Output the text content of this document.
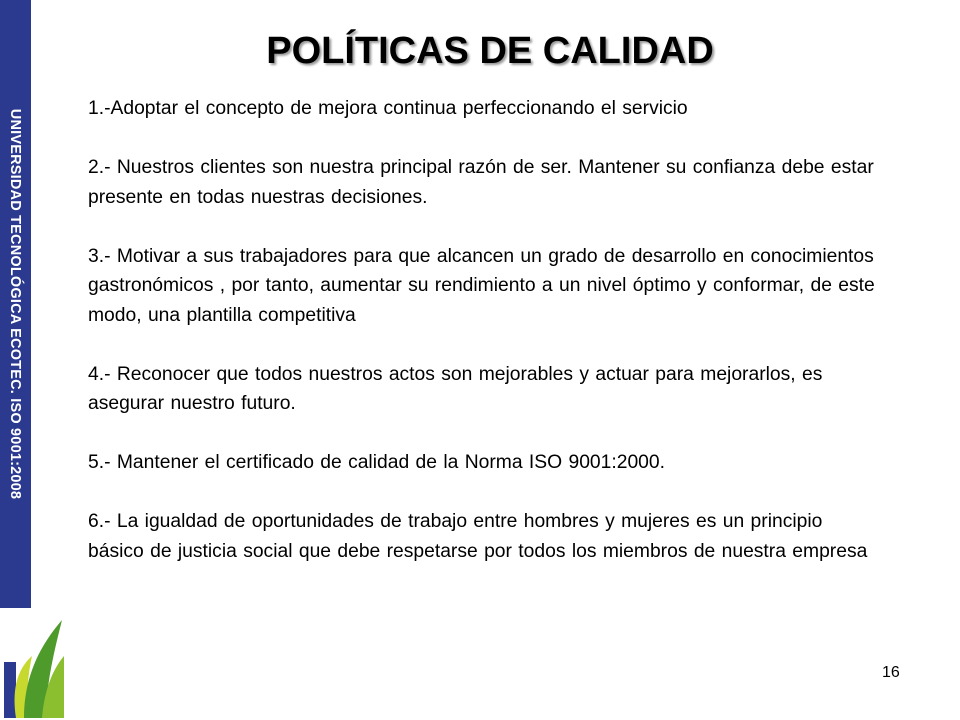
UNIVERSIDAD TECNOLÓGICA ECOTEC. ISO 9001:2008
POLÍTICAS DE CALIDAD

1.-Adoptar el concepto de mejora continua perfeccionando el servicio

2.- Nuestros clientes son nuestra principal razón de ser. Mantener su confianza debe estar presente en todas nuestras decisiones.

3.- Motivar a sus trabajadores para que alcancen un grado de desarrollo en conocimientos gastronómicos , por tanto, aumentar su rendimiento a un nivel óptimo y conformar, de este modo, una plantilla competitiva

4.- Reconocer que todos nuestros actos son mejorables y actuar para mejorarlos, es asegurar nuestro futuro.

5.- Mantener el certificado de calidad de la Norma ISO 9001:2000.

6.- La igualdad de oportunidades de trabajo entre hombres y mujeres es un principio básico de justicia social que debe respetarse por todos los miembros de nuestra empresa

16
